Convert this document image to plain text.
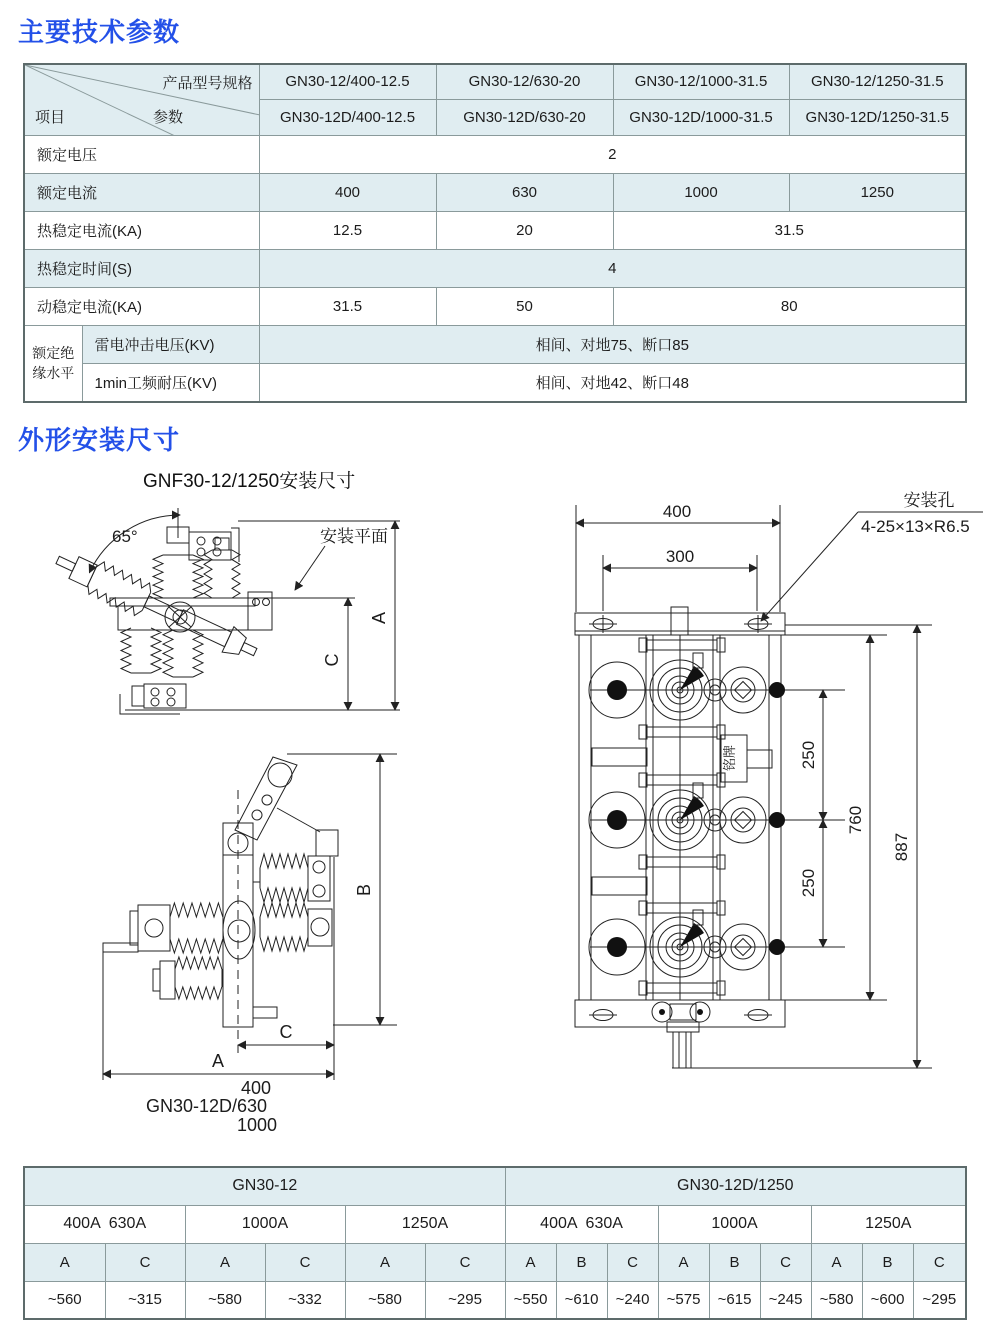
主要技术参数
产品型号规格
项目 参数		GN30-12/400-12.5	GN30-12/630-20	GN30-12/1000-31.5	GN30-12/1250-31.5
		GN30-12D/400-12.5	GN30-12D/630-20	GN30-12D/1000-31.5	GN30-12D/1250-31.5
额定电压		2			
额定电流		400	630	1000	1250
热稳定电流(KA)		12.5	20	31.5	
热稳定时间(S)		4			
动稳定电流(KA)		31.5	50	80	
额定绝缘水平	雷电冲击电压(KV)	相间、对地75、断口85			
	1min工频耐压(KV)	相间、对地42、断口48			
外形安装尺寸
GNF30-12/1250安装尺寸
65°	安装平面
C
A
B
C
A
400
GN30-12D/630
1000
安装孔
4-25×13×R6.5
400
300
铭牌	250
250
760
887
GN30-12						GN30-12D/1250								
400A  630A		1000A		1250A		400A  630A			1000A			1250A		
A	C	A	C	A	C	A	B	C	A	B	C	A	B	C
~560	~315	~580	~332	~580	~295	~550	~610	~240	~575	~615	~245	~580	~600	~295
